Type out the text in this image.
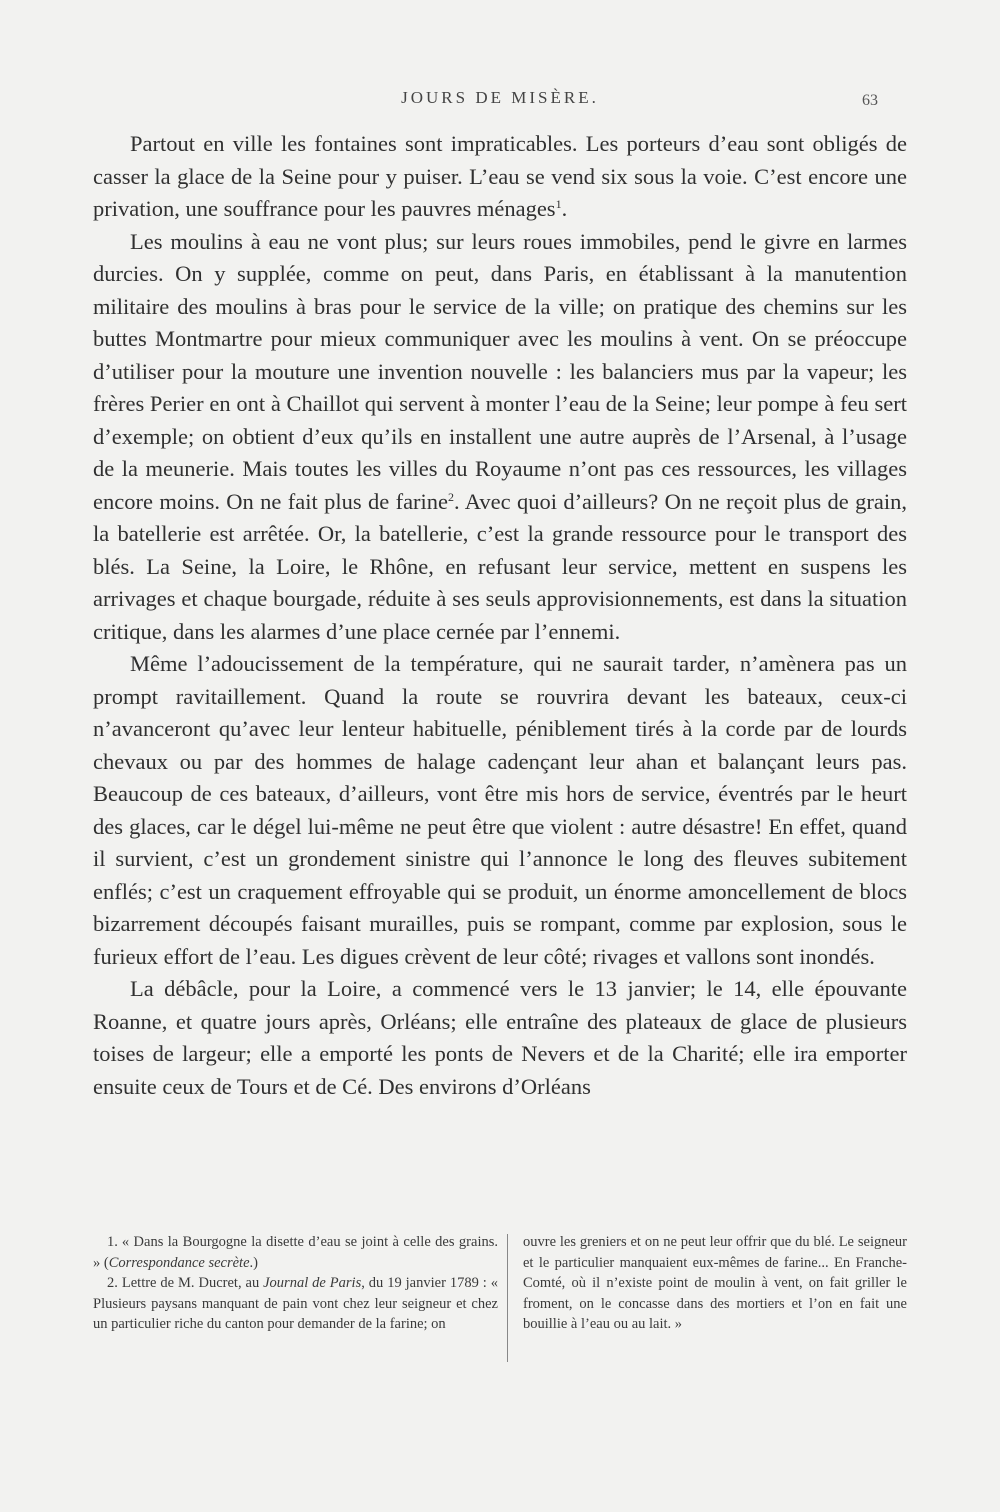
JOURS DE MISÈRE.	63

Partout en ville les fontaines sont impraticables. Les porteurs d’eau sont obligés de casser la glace de la Seine pour y puiser. L’eau se vend six sous la voie. C’est encore une privation, une souffrance pour les pauvres ménages$^1$.

Les moulins à eau ne vont plus; sur leurs roues immobiles, pend le givre en larmes durcies. On y supplée, comme on peut, dans Paris, en établissant à la manutention militaire des moulins à bras pour le service de la ville; on pratique des chemins sur les buttes Montmartre pour mieux communiquer avec les moulins à vent. On se préoccupe d’utiliser pour la mouture une invention nouvelle : les balanciers mus par la vapeur; les frères Perier en ont à Chaillot qui servent à monter l’eau de la Seine; leur pompe à feu sert d’exemple; on obtient d’eux qu’ils en installent une autre auprès de l’Arsenal, à l’usage de la meunerie. Mais toutes les villes du Royaume n’ont pas ces ressources, les villages encore moins. On ne fait plus de farine$^2$. Avec quoi d’ailleurs? On ne reçoit plus de grain, la batellerie est arrêtée. Or, la batellerie, c’est la grande ressource pour le transport des blés. La Seine, la Loire, le Rhône, en refusant leur service, mettent en suspens les arrivages et chaque bourgade, réduite à ses seuls approvisionnements, est dans la situation critique, dans les alarmes d’une place cernée par l’ennemi.

Même l’adoucissement de la température, qui ne saurait tarder, n’amènera pas un prompt ravitaillement. Quand la route se rouvrira devant les bateaux, ceux-ci n’avanceront qu’avec leur lenteur habituelle, péniblement tirés à la corde par de lourds chevaux ou par des hommes de halage cadençant leur ahan et balançant leurs pas. Beaucoup de ces bateaux, d’ailleurs, vont être mis hors de service, éventrés par le heurt des glaces, car le dégel lui-même ne peut être que violent : autre désastre! En effet, quand il survient, c’est un grondement sinistre qui l’annonce le long des fleuves subitement enflés; c’est un craquement effroyable qui se produit, un énorme amoncellement de blocs bizarrement découpés faisant murailles, puis se rompant, comme par explosion, sous le furieux effort de l’eau. Les digues crèvent de leur côté; rivages et vallons sont inondés.

La débâcle, pour la Loire, a commencé vers le 13 janvier; le 14, elle épouvante Roanne, et quatre jours après, Orléans; elle entraîne des plateaux de glace de plusieurs toises de largeur; elle a emporté les ponts de Nevers et de la Charité; elle ira emporter ensuite ceux de Tours et de Cé. Des environs d’Orléans

1. « Dans la Bourgogne la disette d’eau se joint à celle des grains. » (Correspondance secrète.)

2. Lettre de M. Ducret, au Journal de Paris, du 19 janvier 1789 : « Plusieurs paysans manquant de pain vont chez leur seigneur et chez un particulier riche du canton pour demander de la farine; on

ouvre les greniers et on ne peut leur offrir que du blé. Le seigneur et le particulier manquaient eux-mêmes de farine... En Franche-Comté, où il n’existe point de moulin à vent, on fait griller le froment, on le concasse dans des mortiers et l’on en fait une bouillie à l’eau ou au lait. »
